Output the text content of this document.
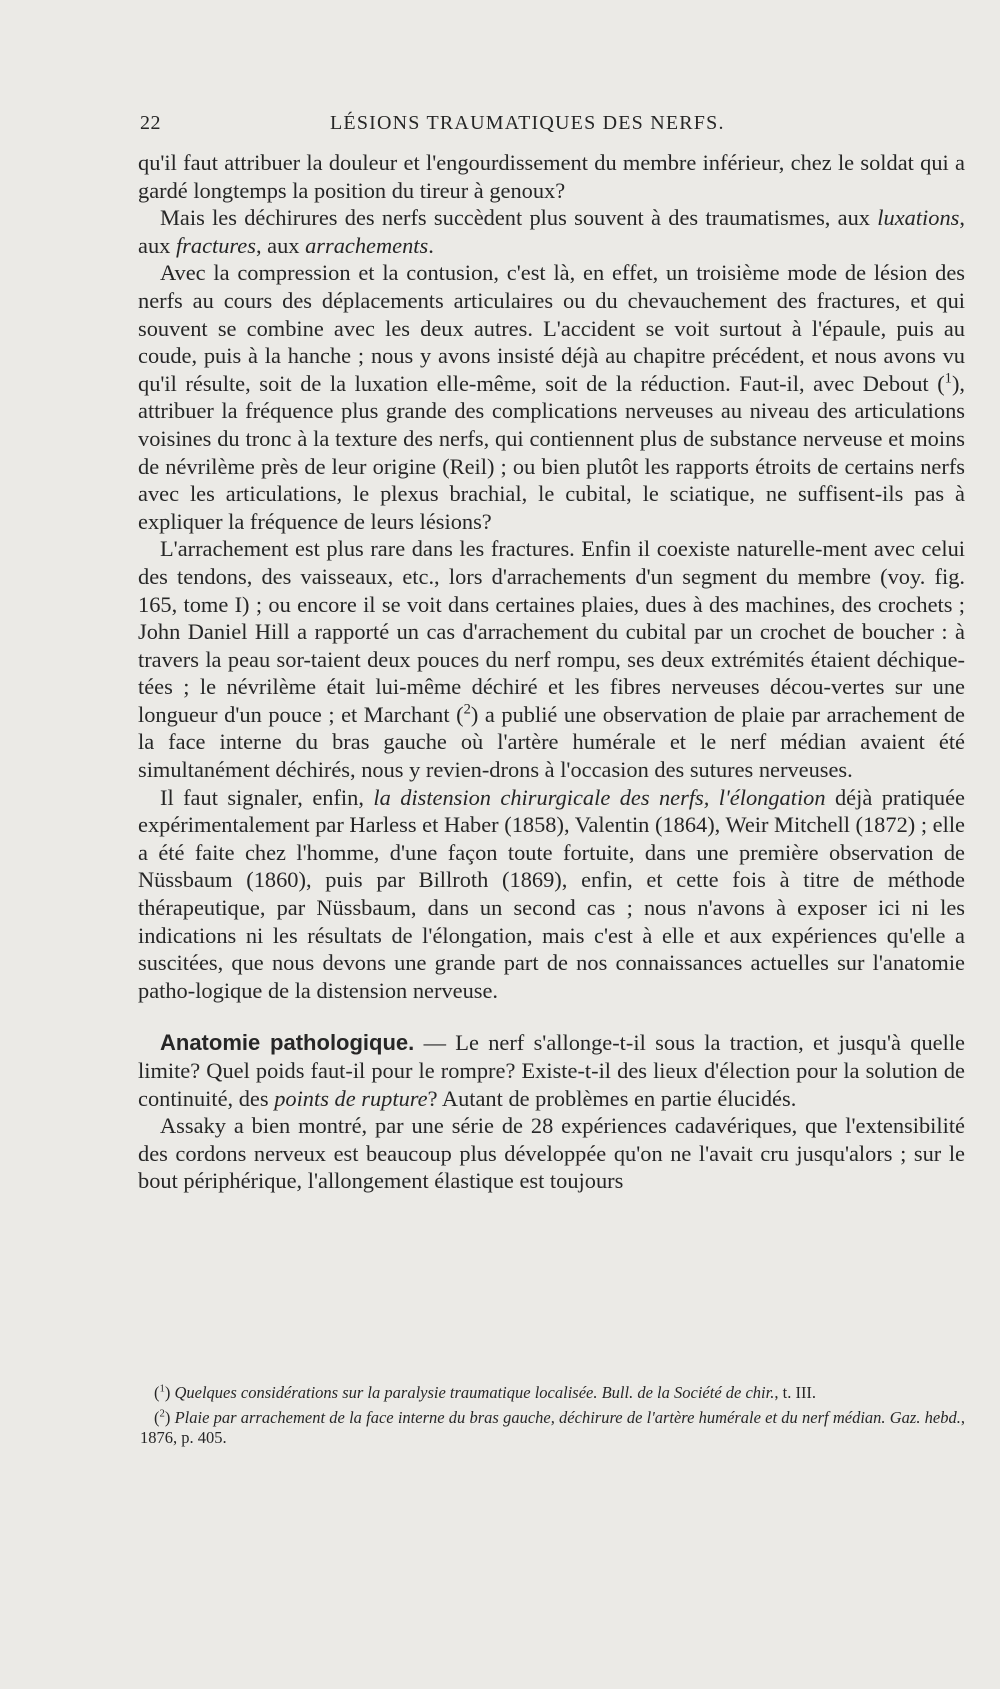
22	LÉSIONS TRAUMATIQUES DES NERFS.

qu'il faut attribuer la douleur et l'engourdissement du membre inférieur, chez le soldat qui a gardé longtemps la position du tireur à genoux?

Mais les déchirures des nerfs succèdent plus souvent à des traumatismes, aux luxations, aux fractures, aux arrachements.

Avec la compression et la contusion, c'est là, en effet, un troisième mode de lésion des nerfs au cours des déplacements articulaires ou du chevauchement des fractures, et qui souvent se combine avec les deux autres. L'accident se voit surtout à l'épaule, puis au coude, puis à la hanche ; nous y avons insisté déjà au chapitre précédent, et nous avons vu qu'il résulte, soit de la luxation elle-même, soit de la réduction. Faut-il, avec Debout ($^1$), attribuer la fréquence plus grande des complications nerveuses au niveau des articulations voisines du tronc à la texture des nerfs, qui contiennent plus de substance nerveuse et moins de névrilème près de leur origine (Reil) ; ou bien plutôt les rapports étroits de certains nerfs avec les articulations, le plexus brachial, le cubital, le sciatique, ne suffisent-ils pas à expliquer la fréquence de leurs lésions?

L'arrachement est plus rare dans les fractures. Enfin il coexiste naturelle-ment avec celui des tendons, des vaisseaux, etc., lors d'arrachements d'un segment du membre (voy. fig. 165, tome I) ; ou encore il se voit dans certaines plaies, dues à des machines, des crochets ; John Daniel Hill a rapporté un cas d'arrachement du cubital par un crochet de boucher : à travers la peau sor-taient deux pouces du nerf rompu, ses deux extrémités étaient déchique-tées ; le névrilème était lui-même déchiré et les fibres nerveuses décou-vertes sur une longueur d'un pouce ; et Marchant ($^2$) a publié une observation de plaie par arrachement de la face interne du bras gauche où l'artère humérale et le nerf médian avaient été simultanément déchirés, nous y revien-drons à l'occasion des sutures nerveuses.

Il faut signaler, enfin, la distension chirurgicale des nerfs, l'élongation déjà pratiquée expérimentalement par Harless et Haber (1858), Valentin (1864), Weir Mitchell (1872) ; elle a été faite chez l'homme, d'une façon toute fortuite, dans une première observation de Nüssbaum (1860), puis par Billroth (1869), enfin, et cette fois à titre de méthode thérapeutique, par Nüssbaum, dans un second cas ; nous n'avons à exposer ici ni les indications ni les résultats de l'élongation, mais c'est à elle et aux expériences qu'elle a suscitées, que nous devons une grande part de nos connaissances actuelles sur l'anatomie patho-logique de la distension nerveuse.

Anatomie pathologique. — Le nerf s'allonge-t-il sous la traction, et jusqu'à quelle limite? Quel poids faut-il pour le rompre? Existe-t-il des lieux d'élection pour la solution de continuité, des points de rupture? Autant de problèmes en partie élucidés.

Assaky a bien montré, par une série de 28 expériences cadavériques, que l'extensibilité des cordons nerveux est beaucoup plus développée qu'on ne l'avait cru jusqu'alors ; sur le bout périphérique, l'allongement élastique est toujours

($^1$) Quelques considérations sur la paralysie traumatique localisée. Bull. de la Société de chir., t. III.

($^2$) Plaie par arrachement de la face interne du bras gauche, déchirure de l'artère humérale et du nerf médian. Gaz. hebd., 1876, p. 405.
